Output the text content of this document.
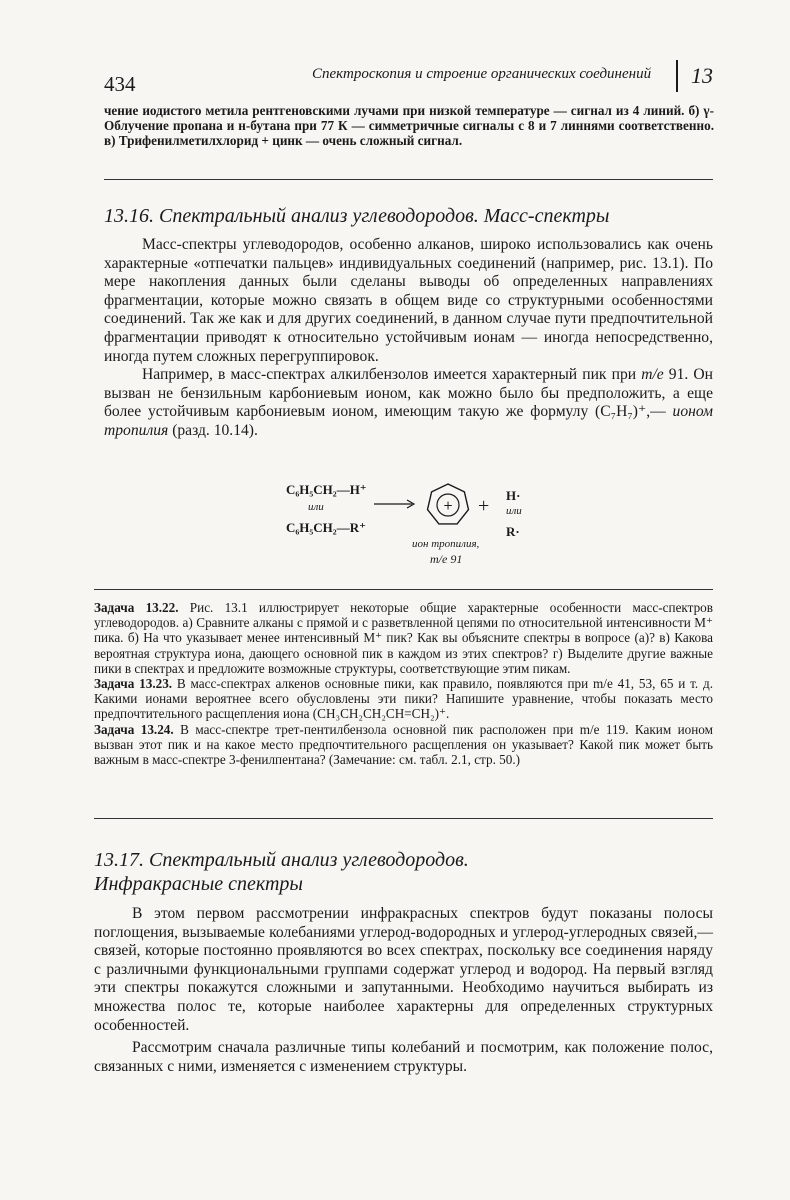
434	Спектроскопия и строение органических соединений 13
чение иодистого метила рентгеновскими лучами при низкой температуре — сигнал из 4 линий. б) γ-Облучение пропана и н-бутана при 77 К — симметричные сигналы с 8 и 7 линнями соответственно. в) Трифенилметилхлорид + цинк — очень сложный сигнал.
13.16. Спектральный анализ углеводородов. Масс-спектры

Масс-спектры углеводородов, особенно алканов, широко использовались как очень характерные «отпечатки пальцев» индивидуальных соединений (например, рис. 13.1). По мере накопления данных были сделаны выводы об определенных направлениях фрагментации, которые можно связать в общем виде со структурными особенностями соединений. Так же как и для других соединений, в данном случае пути предпочтительной фрагментации приводят к относительно устойчивым ионам — иногда непосредственно, иногда путем сложных перегруппировок.

Например, в масс-спектрах алкилбензолов имеется характерный пик при m/e 91. Он вызван не бензильным карбониевым ионом, как можно было бы предположить, а еще более устойчивым карбониевым ионом, имеющим такую же формулу (C₇H₇)⁺,— ионом тропилия (разд. 10.14).

C₆H₅CH₂—H⁺
или
C₆H₅CH₂—R⁺
+ + H·
или
R·
ион тропилия,
m/e 91

Задача 13.22. Рис. 13.1 иллюстрирует некоторые общие характерные особенности масс-спектров углеводородов. а) Сравните алканы с прямой и с разветвленной цепями по относительной интенсивности M⁺ пика. б) На что указывает менее интенсивный M⁺ пик? Как вы объясните спектры в вопросе (а)? в) Какова вероятная структура иона, дающего основной пик в каждом из этих спектров? г) Выделите другие важные пики в спектрах и предложите возможные структуры, соответствующие этим пикам.

Задача 13.23. В масс-спектрах алкенов основные пики, как правило, появляются при m/e 41, 53, 65 и т. д. Какими ионами вероятнее всего обусловлены эти пики? Напишите уравнение, чтобы показать место предпочтительного расщепления иона (CH₃CH₂CH₂CH=CH₂)⁺.

Задача 13.24. В масс-спектре трет-пентилбензола основной пик расположен при m/e 119. Каким ионом вызван этот пик и на какое место предпочтительного расщепления он указывает? Какой пик может быть важным в масс-спектре 3-фенилпентана? (Замечание: см. табл. 2.1, стр. 50.)

13.17. Спектральный анализ углеводородов.
Инфракрасные спектры

В этом первом рассмотрении инфракрасных спектров будут показаны полосы поглощения, вызываемые колебаниями углерод-водородных и углерод-углеродных связей,— связей, которые постоянно проявляются во всех спектрах, поскольку все соединения наряду с различными функциональными группами содержат углерод и водород. На первый взгляд эти спектры покажутся сложными и запутанными. Необходимо научиться выбирать из множества полос те, которые наиболее характерны для определенных структурных особенностей.

Рассмотрим сначала различные типы колебаний и посмотрим, как положение полос, связанных с ними, изменяется с изменением структуры.
